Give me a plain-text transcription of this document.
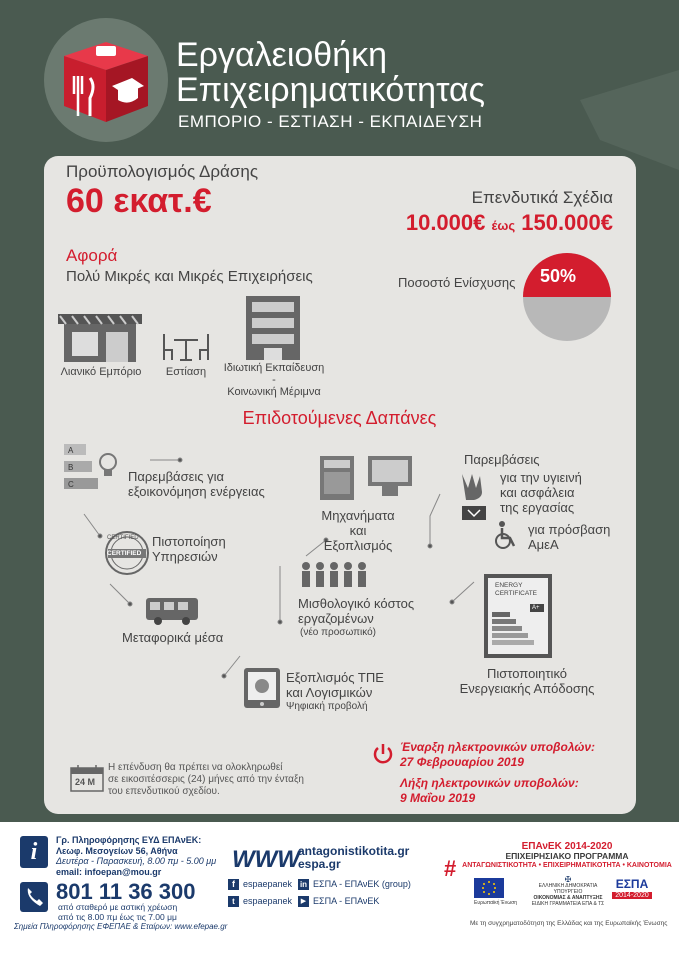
Εργαλειοθήκη
Επιχειρηματικότητας
ΕΜΠΟΡΙΟ - ΕΣΤΙΑΣΗ - ΕΚΠΑΙΔΕΥΣΗ
Προϋπολογισμός Δράσης
60 εκατ.€	Επενδυτικά Σχέδια
10.000€ έως 150.000€
Αφορά
Πολύ Μικρές και Μικρές Επιχειρήσεις
Λιανικό Εμπόριο	Εστίαση	Ιδιωτική Εκπαίδευση -
Κοινωνική Μέριμνα
Ποσοστό Ενίσχυσης 50%
Επιδοτούμενες Δαπάνες
A
B
C
Παρεμβάσεις για
εξοικονόμηση ενέργειας
Μηχανήματα
και Εξοπλισμός
Παρεμβάσεις
για την υγιεινή
και ασφάλεια
της εργασίας
για πρόσβαση
ΑμεΑ
CERTIFIED
CERTIFIED
Πιστοποίηση
Υπηρεσιών
Μεταφορικά μέσα
Μισθολογικό κόστος
εργαζομένων
(νέο προσωπικό)
ENERGY
CERTIFICATE
A+
Πιστοποιητικό
Ενεργειακής Απόδοσης
Εξοπλισμός ΤΠΕ
και Λογισμικών
Ψηφιακή προβολή
24 M
Η επένδυση θα πρέπει να ολοκληρωθεί
σε εικοσιτέσσερις (24) μήνες από την ένταξη
του επενδυτικού σχεδίου.
Έναρξη ηλεκτρονικών υποβολών:
27 Φεβρουαρίου 2019
Λήξη ηλεκτρονικών υποβολών:
9 Μαΐου 2019
i	Γρ. Πληροφόρησης ΕΥΔ ΕΠΑνΕΚ:
Λεωφ. Μεσογείων 56, Αθήνα
Δευτέρα - Παρασκευή, 8.00 πμ - 5.00 μμ
email: infoepan@mou.gr
801 11 36 300
από σταθερό με αστική χρέωση
από τις 8.00 πμ έως τις 7.00 μμ
Σημεία Πληροφόρησης ΕΦΕΠΑΕ & Εταίρων: www.efepae.gr
WWW
antagonistikotita.gr
espa.gr
f espaepanek in ΕΣΠΑ - ΕΠΑνΕΚ (group)
t espaepanek	▶ ΕΣΠΑ - ΕΠΑνΕΚ
#
ΕΠΑνΕΚ 2014-2020
ΕΠΙΧΕΙΡΗΣΙΑΚΟ ΠΡΟΓΡΑΜΜΑ
ΑΝΤΑΓΩΝΙΣΤΙΚΟΤΗΤΑ • ΕΠΙΧΕΙΡΗΜΑΤΙΚΟΤΗΤΑ • ΚΑΙΝΟΤΟΜΙΑ
Ευρωπαϊκή Ένωση
✠
ΕΛΛΗΝΙΚΗ ΔΗΜΟΚΡΑΤΙΑ
ΥΠΟΥΡΓΕΙΟ
ΟΙΚΟΝΟΜΙΑΣ & ΑΝΑΠΤΥΞΗΣ
ΕΙΔΙΚΗ ΓΡΑΜΜΑΤΕΙΑ ΕΠΑ & ΤΣ
ΕΣΠΑ
2014-2020
Με τη συγχρηματοδότηση της Ελλάδας και της Ευρωπαϊκής Ένωσης
